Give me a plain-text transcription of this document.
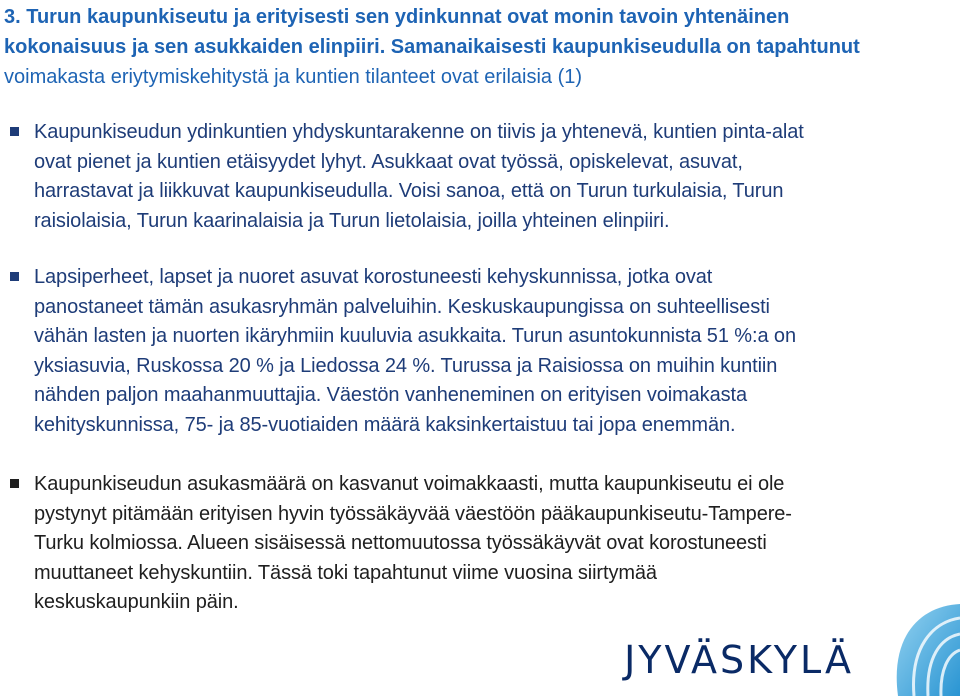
3. Turun kaupunkiseutu ja erityisesti sen ydinkunnat ovat monin tavoin yhtenäinen
kokonaisuus ja sen asukkaiden elinpiiri. Samanaikaisesti kaupunkiseudulla on tapahtunut
voimakasta eriytymiskehitystä ja kuntien tilanteet ovat erilaisia (1)
Kaupunkiseudun ydinkuntien yhdyskuntarakenne on tiivis ja yhtenevä, kuntien pinta-alat
ovat pienet ja kuntien etäisyydet lyhyt. Asukkaat ovat työssä, opiskelevat, asuvat,
harrastavat ja liikkuvat kaupunkiseudulla. Voisi sanoa, että on Turun turkulaisia, Turun
raisiolaisia, Turun kaarinalaisia ja Turun lietolaisia, joilla yhteinen elinpiiri.
Lapsiperheet, lapset ja nuoret asuvat korostuneesti kehyskunnissa, jotka ovat
panostaneet tämän asukasryhmän palveluihin. Keskuskaupungissa on suhteellisesti
vähän lasten ja nuorten ikäryhmiin kuuluvia asukkaita. Turun asuntokunnista 51 %:a on
yksiasuvia, Ruskossa 20 % ja Liedossa 24 %. Turussa ja Raisiossa on muihin kuntiin
nähden paljon maahanmuuttajia. Väestön vanheneminen on erityisen voimakasta
kehityskunnissa, 75- ja 85-vuotiaiden määrä kaksinkertaistuu tai jopa enemmän.
Kaupunkiseudun asukasmäärä on kasvanut voimakkaasti, mutta kaupunkiseutu ei ole
pystynyt pitämään erityisen hyvin työssäkäyvää väestöön pääkaupunkiseutu-Tampere-
Turku kolmiossa. Alueen sisäisessä nettomuutossa työssäkäyvät ovat korostuneesti
muuttaneet kehyskuntiin. Tässä toki tapahtunut viime vuosina siirtymää
keskuskaupunkiin päin.
JYVÄSKYLÄ
